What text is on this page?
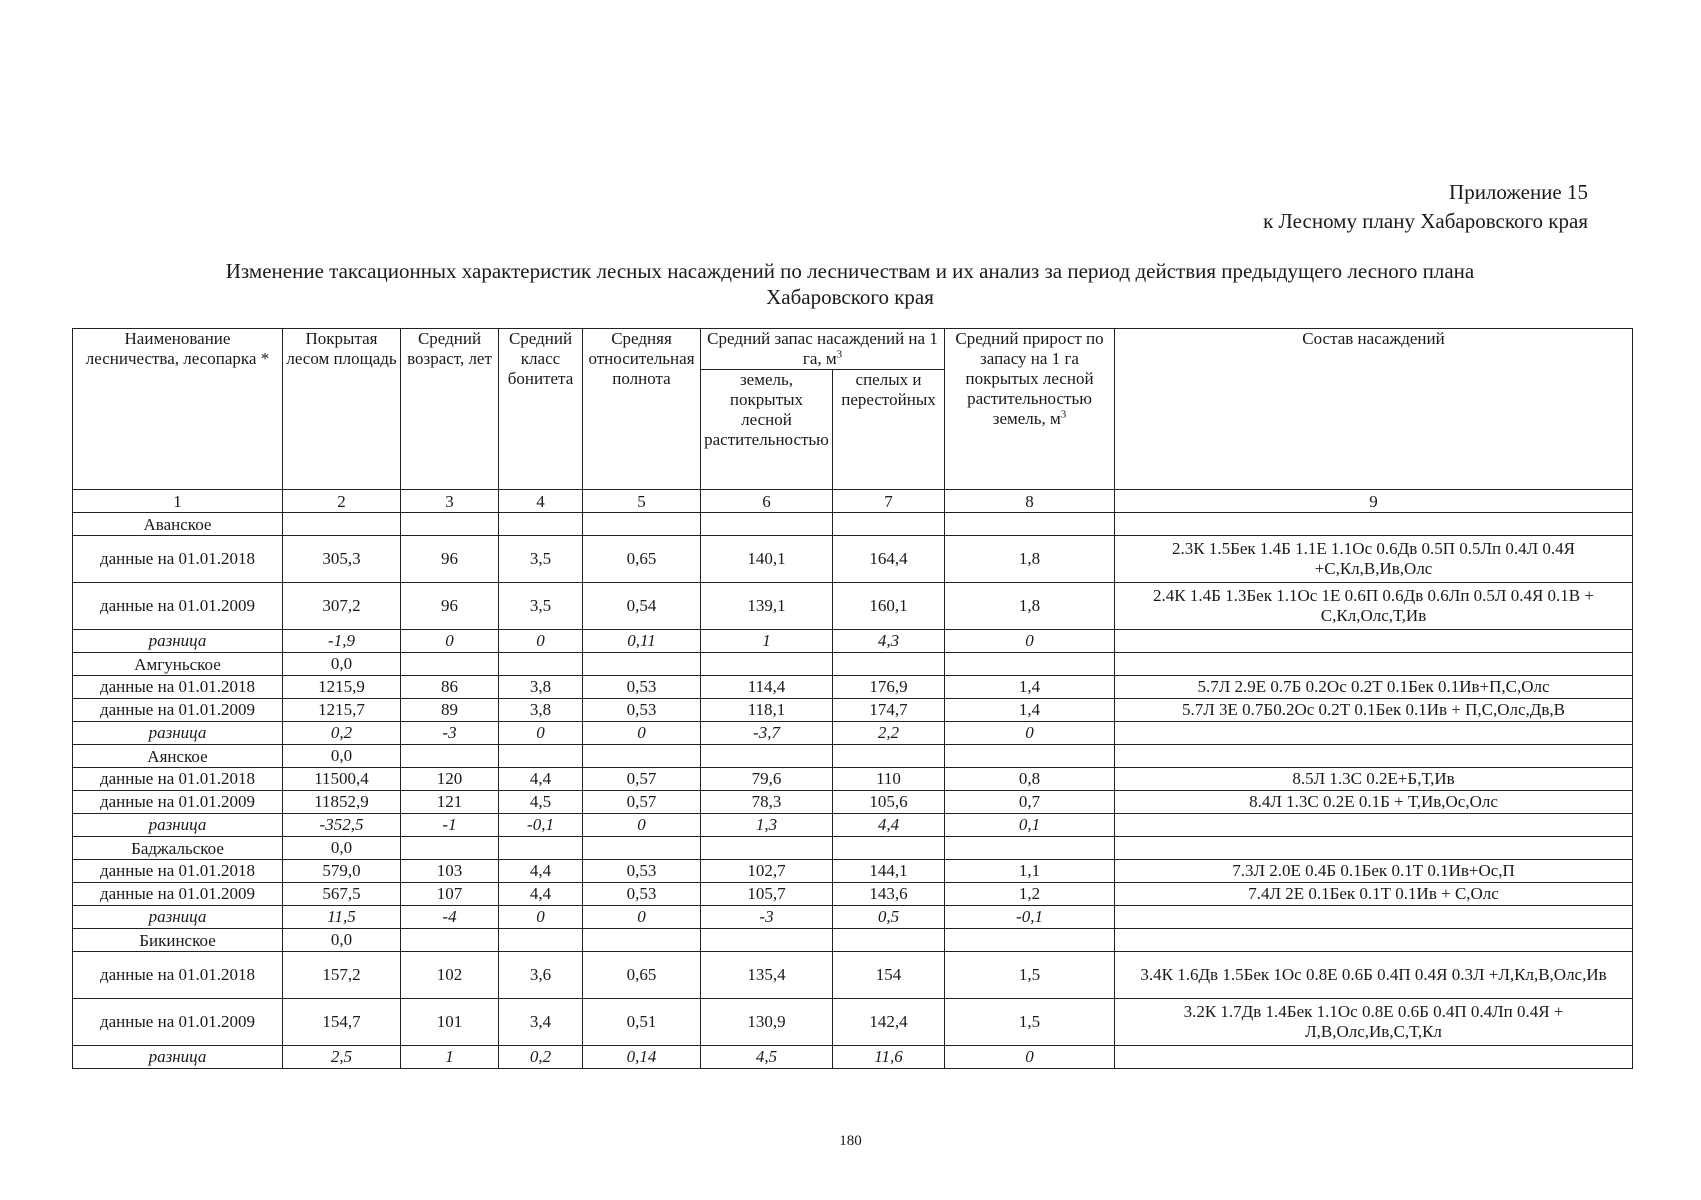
Приложение 15
к Лесному плану Хабаровского края
Изменение таксационных характеристик лесных насаждений по лесничествам и их анализ за период действия предыдущего лесного плана
Хабаровского края
Наименование лесничества, лесопарка *	Покрытая лесом площадь	Средний возраст, лет	Средний класс бонитета	Средняя относительная полнота	Средний запас насаждений на 1 га, $м^3$		Средний прирост по запасу на 1 га покрытых лесной растительностью земель, $м^3$	Состав насаждений
					земель, покрытых лесной растительностью	спелых и перестойных		
1	2	3	4	5	6	7	8	9
Аванское								
данные на 01.01.2018	305,3	96	3,5	0,65	140,1	164,4	1,8	2.3К 1.5Бек 1.4Б 1.1Е 1.1Ос 0.6Дв 0.5П 0.5Лп 0.4Л 0.4Я +С,Кл,В,Ив,Олс
данные на 01.01.2009	307,2	96	3,5	0,54	139,1	160,1	1,8	2.4К 1.4Б 1.3Бек 1.1Ос 1Е 0.6П 0.6Дв 0.6Лп 0.5Л 0.4Я 0.1В + С,Кл,Олс,Т,Ив
разница	-1,9	0	0	0,11	1	4,3	0	
Амгуньское	0,0							
данные на 01.01.2018	1215,9	86	3,8	0,53	114,4	176,9	1,4	5.7Л 2.9Е 0.7Б 0.2Ос 0.2Т 0.1Бек 0.1Ив+П,С,Олс
данные на 01.01.2009	1215,7	89	3,8	0,53	118,1	174,7	1,4	5.7Л 3Е 0.7Б0.2Ос 0.2Т 0.1Бек 0.1Ив + П,С,Олс,Дв,В
разница	0,2	-3	0	0	-3,7	2,2	0	
Аянское	0,0							
данные на 01.01.2018	11500,4	120	4,4	0,57	79,6	110	0,8	8.5Л 1.3С 0.2Е+Б,Т,Ив
данные на 01.01.2009	11852,9	121	4,5	0,57	78,3	105,6	0,7	8.4Л 1.3С 0.2Е 0.1Б + Т,Ив,Ос,Олс
разница	-352,5	-1	-0,1	0	1,3	4,4	0,1	
Баджальское	0,0							
данные на 01.01.2018	579,0	103	4,4	0,53	102,7	144,1	1,1	7.3Л 2.0Е 0.4Б 0.1Бек 0.1Т 0.1Ив+Ос,П
данные на 01.01.2009	567,5	107	4,4	0,53	105,7	143,6	1,2	7.4Л 2Е 0.1Бек 0.1Т 0.1Ив + С,Олс
разница	11,5	-4	0	0	-3	0,5	-0,1	
Бикинское	0,0							
данные на 01.01.2018	157,2	102	3,6	0,65	135,4	154	1,5	3.4К 1.6Дв 1.5Бек 1Ос 0.8Е 0.6Б 0.4П 0.4Я 0.3Л +Л,Кл,В,Олс,Ив
данные на 01.01.2009	154,7	101	3,4	0,51	130,9	142,4	1,5	3.2К 1.7Дв 1.4Бек 1.1Ос 0.8Е 0.6Б 0.4П 0.4Лп 0.4Я + Л,В,Олс,Ив,С,Т,Кл
разница	2,5	1	0,2	0,14	4,5	11,6	0	
180
